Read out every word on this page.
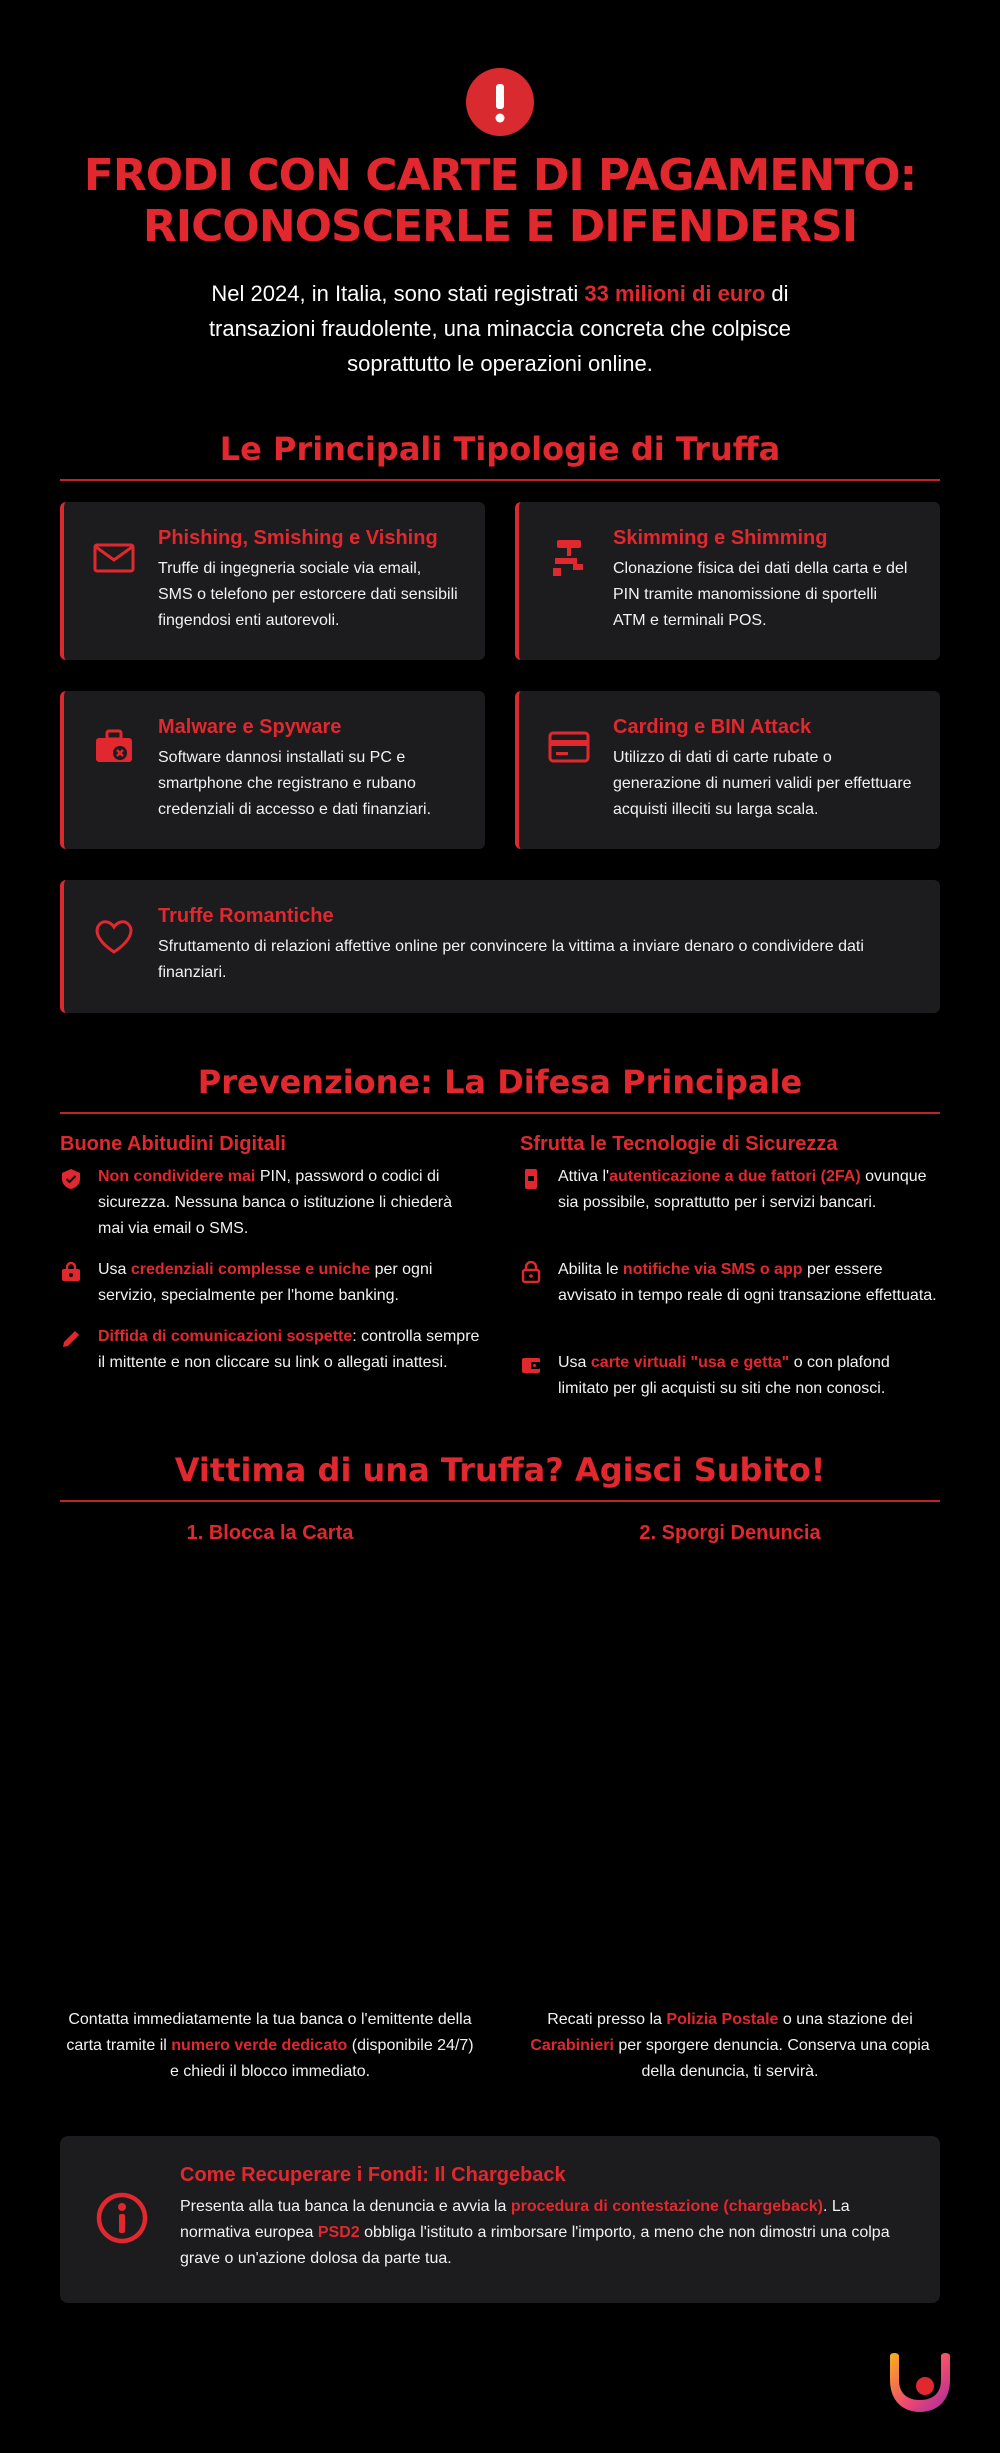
FRODI CON CARTE DI PAGAMENTO:
RICONOSCERLE E DIFENDERSI

Nel 2024, in Italia, sono stati registrati 33 milioni di euro di transazioni fraudolente, una minaccia concreta che colpisce soprattutto le operazioni online.

Le Principali Tipologie di Truffa
Phishing, Smishing e Vishing

Truffe di ingegneria sociale via email, SMS o telefono per estorcere dati sensibili fingendosi enti autorevoli.

Skimming e Shimming

Clonazione fisica dei dati della carta e del PIN tramite manomissione di sportelli ATM e terminali POS.

Malware e Spyware

Software dannosi installati su PC e smartphone che registrano e rubano credenziali di accesso e dati finanziari.

Carding e BIN Attack

Utilizzo di dati di carte rubate o generazione di numeri validi per effettuare acquisti illeciti su larga scala.

Truffe Romantiche

Sfruttamento di relazioni affettive online per convincere la vittima a inviare denaro o condividere dati finanziari.

Prevenzione: La Difesa Principale
Buone Abitudini Digitali	Sfrutta le Tecnologie di Sicurezza

Non condividere mai PIN, password o codici di sicurezza. Nessuna banca o istituzione li chiederà mai via email o SMS.

Usa credenziali complesse e uniche per ogni servizio, specialmente per l'home banking.

Diffida di comunicazioni sospette: controlla sempre il mittente e non cliccare su link o allegati inattesi.

Attiva l'autenticazione a due fattori (2FA) ovunque sia possibile, soprattutto per i servizi bancari.

Abilita le notifiche via SMS o app per essere avvisato in tempo reale di ogni transazione effettuata.

Usa carte virtuali "usa e getta" o con plafond limitato per gli acquisti su siti che non conosci.

Vittima di una Truffa? Agisci Subito!
1. Blocca la Carta	2. Sporgi Denuncia

Contatta immediatamente la tua banca o l'emittente della carta tramite il numero verde dedicato (disponibile 24/7) e chiedi il blocco immediato.

Recati presso la Polizia Postale o una stazione dei Carabinieri per sporgere denuncia. Conserva una copia della denuncia, ti servirà.

Come Recuperare i Fondi: Il Chargeback

Presenta alla tua banca la denuncia e avvia la procedura di contestazione (chargeback). La normativa europea PSD2 obbliga l'istituto a rimborsare l'importo, a meno che non dimostri una colpa grave o un'azione dolosa da parte tua.
